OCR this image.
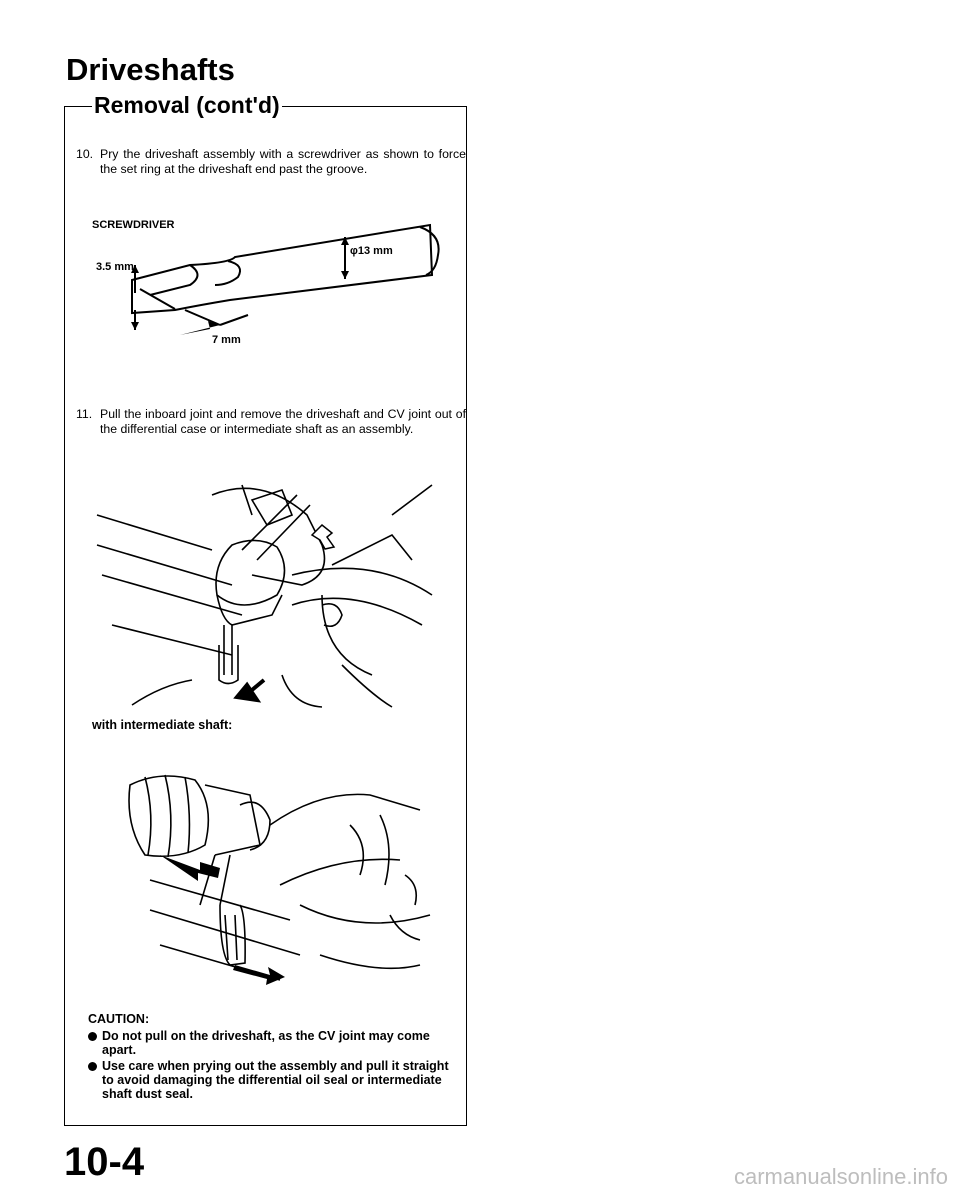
Driveshafts
Removal (cont'd)
10. Pry the driveshaft assembly with a screwdriver as shown to force the set ring at the driveshaft end past the groove.
SCREWDRIVER
3.5 mm
φ13 mm
7 mm
11. Pull the inboard joint and remove the driveshaft and CV joint out of the differential case or intermediate shaft as an assembly.
with intermediate shaft:
CAUTION:
Do not pull on the driveshaft, as the CV joint may come apart.
Use care when prying out the assembly and pull it straight to avoid damaging the differential oil seal or intermediate shaft dust seal.
10-4	carmanualsonline.info
